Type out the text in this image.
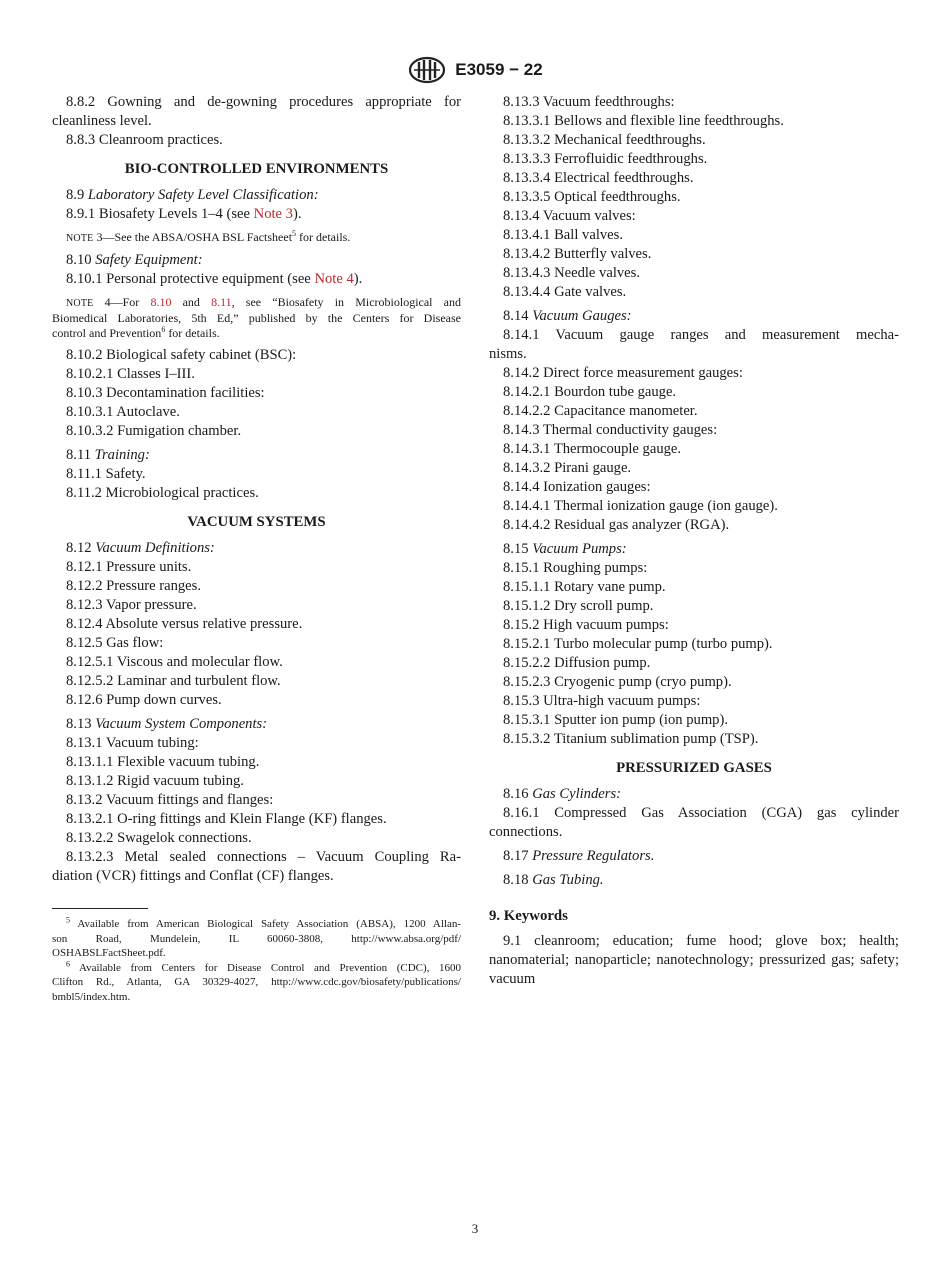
E3059 − 22

8.8.2 Gowning and de-gowning procedures appropriate for

cleanliness level.

8.8.3 Cleanroom practices.

BIO-CONTROLLED ENVIRONMENTS

8.9 Laboratory Safety Level Classification:

8.9.1 Biosafety Levels 1–4 (see Note 3).

NOTE 3—See the ABSA/OSHA BSL Factsheet$^5$ for details.

8.10 Safety Equipment:

8.10.1 Personal protective equipment (see Note 4).

NOTE 4—For 8.10 and 8.11, see “Biosafety in Microbiological and
Biomedical Laboratories, 5th Ed,” published by the Centers for Disease
control and Prevention$^6$ for details.

8.10.2 Biological safety cabinet (BSC):

8.10.2.1 Classes I–III.

8.10.3 Decontamination facilities:

8.10.3.1 Autoclave.

8.10.3.2 Fumigation chamber.

8.11 Training:

8.11.1 Safety.

8.11.2 Microbiological practices.

VACUUM SYSTEMS

8.12 Vacuum Definitions:

8.12.1 Pressure units.

8.12.2 Pressure ranges.

8.12.3 Vapor pressure.

8.12.4 Absolute versus relative pressure.

8.12.5 Gas flow:

8.12.5.1 Viscous and molecular flow.

8.12.5.2 Laminar and turbulent flow.

8.12.6 Pump down curves.

8.13 Vacuum System Components:

8.13.1 Vacuum tubing:

8.13.1.1 Flexible vacuum tubing.

8.13.1.2 Rigid vacuum tubing.

8.13.2 Vacuum fittings and flanges:

8.13.2.1 O-ring fittings and Klein Flange (KF) flanges.

8.13.2.2 Swagelok connections.

8.13.2.3 Metal sealed connections – Vacuum Coupling Ra-

diation (VCR) fittings and Conflat (CF) flanges.

$^5$ Available from American Biological Safety Association (ABSA), 1200 Allan-
son Road, Mundelein, IL 60060-3808, http://www.absa.org/pdf/
OSHABSLFactSheet.pdf.
$^6$ Available from Centers for Disease Control and Prevention (CDC), 1600
Clifton Rd., Atlanta, GA 30329-4027, http://www.cdc.gov/biosafety/publications/
bmbl5/index.htm.

8.13.3 Vacuum feedthroughs:

8.13.3.1 Bellows and flexible line feedthroughs.

8.13.3.2 Mechanical feedthroughs.

8.13.3.3 Ferrofluidic feedthroughs.

8.13.3.4 Electrical feedthroughs.

8.13.3.5 Optical feedthroughs.

8.13.4 Vacuum valves:

8.13.4.1 Ball valves.

8.13.4.2 Butterfly valves.

8.13.4.3 Needle valves.

8.13.4.4 Gate valves.

8.14 Vacuum Gauges:

8.14.1 Vacuum gauge ranges and measurement mecha-

nisms.

8.14.2 Direct force measurement gauges:

8.14.2.1 Bourdon tube gauge.

8.14.2.2 Capacitance manometer.

8.14.3 Thermal conductivity gauges:

8.14.3.1 Thermocouple gauge.

8.14.3.2 Pirani gauge.

8.14.4 Ionization gauges:

8.14.4.1 Thermal ionization gauge (ion gauge).

8.14.4.2 Residual gas analyzer (RGA).

8.15 Vacuum Pumps:

8.15.1 Roughing pumps:

8.15.1.1 Rotary vane pump.

8.15.1.2 Dry scroll pump.

8.15.2 High vacuum pumps:

8.15.2.1 Turbo molecular pump (turbo pump).

8.15.2.2 Diffusion pump.

8.15.2.3 Cryogenic pump (cryo pump).

8.15.3 Ultra-high vacuum pumps:

8.15.3.1 Sputter ion pump (ion pump).

8.15.3.2 Titanium sublimation pump (TSP).

PRESSURIZED GASES

8.16 Gas Cylinders:

8.16.1 Compressed Gas Association (CGA) gas cylinder

connections.

8.17 Pressure Regulators.

8.18 Gas Tubing.

9. Keywords

9.1 cleanroom; education; fume hood; glove box; health; nanomaterial; nanoparticle; nanotechnology; pressurized gas; safety; vacuum

3
